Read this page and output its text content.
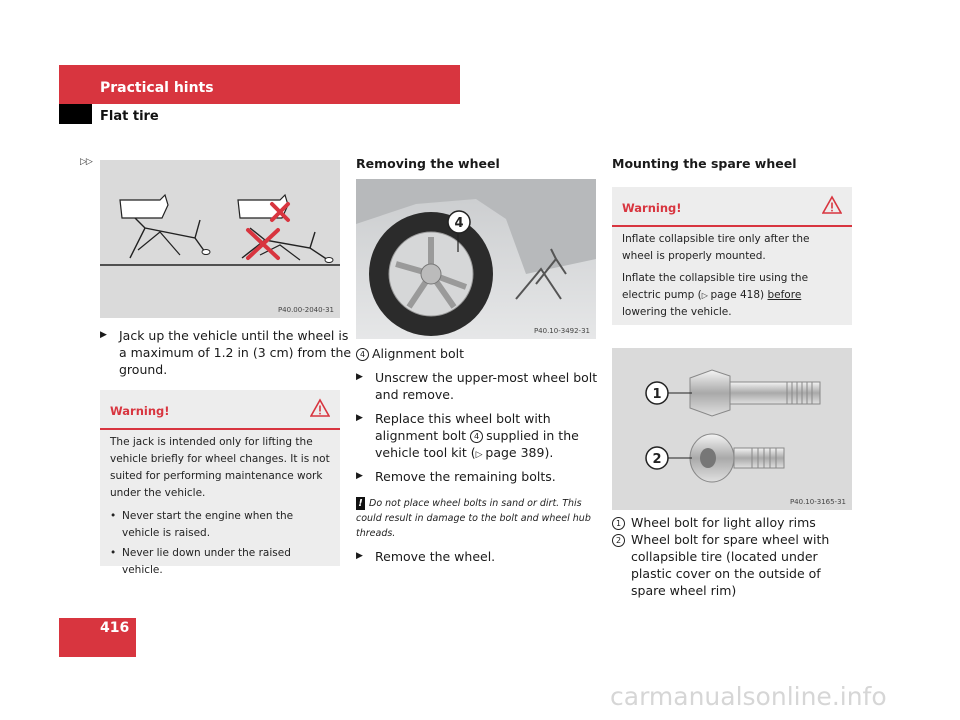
Practical hints
Flat tire
▷▷
P40.00-2040-31
▶ Jack up the vehicle until the wheel is a maximum of 1.2 in (3 cm) from the ground.
Warning!
The jack is intended only for lifting the vehicle briefly for wheel changes. It is not suited for performing maintenance work under the vehicle.
• Never start the engine when the vehicle is raised.
• Never lie down under the raised vehicle.
Removing the wheel
4
P40.10-3492-31
4 Alignment bolt
▶ Unscrew the upper-most wheel bolt and remove.
▶ Replace this wheel bolt with alignment bolt 4 supplied in the vehicle tool kit (▷ page 389).
▶ Remove the remaining bolts.
! Do not place wheel bolts in sand or dirt. This could result in damage to the bolt and wheel hub threads.
▶ Remove the wheel.
Mounting the spare wheel
Warning!
Inflate collapsible tire only after the wheel is properly mounted.
Inflate the collapsible tire using the electric pump (▷ page 418) before lowering the vehicle.
1
2
P40.10-3165-31
1 Wheel bolt for light alloy rims
2 Wheel bolt for spare wheel with collapsible tire (located under plastic cover on the outside of spare wheel rim)
416
carmanualsonline.info
